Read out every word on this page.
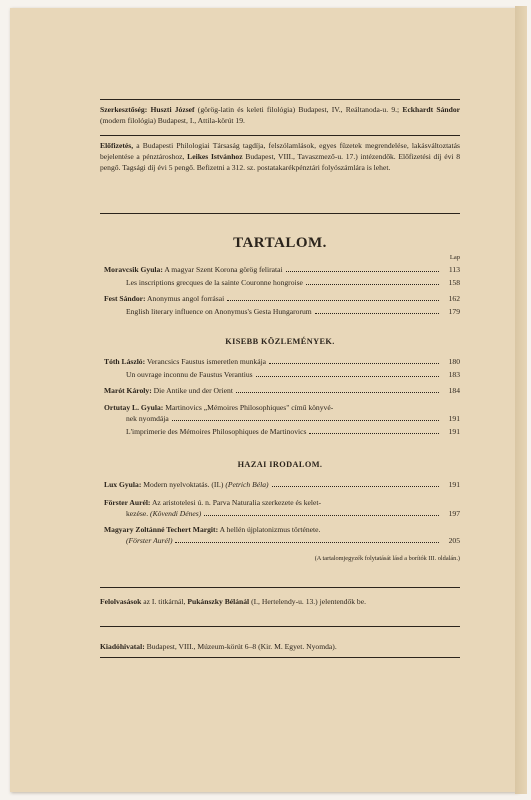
Szerkesztőség: Huszti József (görög-latin és keleti filológia) Budapest, IV., Reáltanoda-u. 9.; Eckhardt Sándor (modern filológia) Budapest, I., Attila-körút 19.

Előfizetés, a Budapesti Philologiai Társaság tagdíja, felszólamlások, egyes füzetek megrendelése, lakásváltoztatás bejelentése a pénztároshoz, Leikes Istvánhoz Budapest, VIII., Tavaszmező-u. 17.) intézendők. Előfizetési díj évi 8 pengő. Tagsági díj évi 5 pengő. Befizetni a 312. sz. postatakarékpénztári folyószámlára is lehet.

TARTALOM.
Lap
Moravcsik Gyula: A magyar Szent Korona görög feliratai	113
Les inscriptions grecques de la sainte Couronne hongroise	158
Fest Sándor: Anonymus angol forrásai	162
English literary influence on Anonymus's Gesta Hungarorum	179
KISEBB KÖZLEMÉNYEK.
Tóth László: Verancsics Faustus ismeretlen munkája	180
Un ouvrage inconnu de Faustus Verantius	183
Marót Károly: Die Antike und der Orient	184
Ortutay L. Gyula: Martinovics „Mémoires Philosophiques" című könyvé-
nek nyomdája	191
L'imprimerie des Mémoires Philosophiques de Martinovics	191
HAZAI IRODALOM.
Lux Gyula: Modern nyelvoktatás. (II.) (Petrich Béla)	191
Förster Aurél: Az aristotelesi ú. n. Parva Naturalia szerkezete és kelet-
kezése. (Kövendi Dénes)	197
Magyary Zoltánné Techert Margit: A hellén újplatonizmus története.
(Förster Aurél)	205
(A tartalomjegyzék folytatását lásd a borítók III. oldalán.)

Felolvasások az I. titkárnál, Pukánszky Bélánál (I., Hertelendy-u. 13.) jelentendők be.

Kiadóhivatal: Budapest, VIII., Múzeum-körút 6–8 (Kir. M. Egyet. Nyomda).
